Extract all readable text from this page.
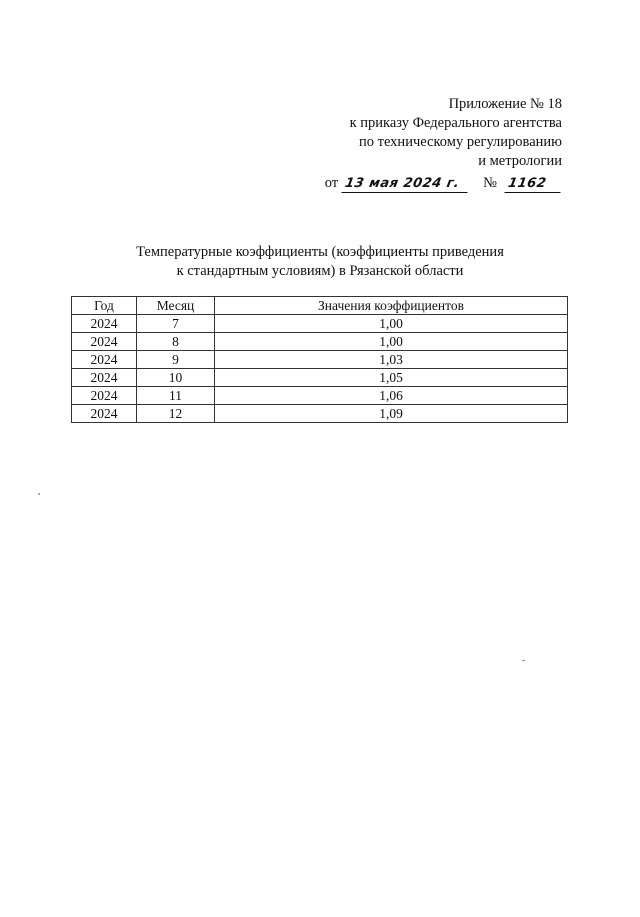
Приложение № 18
к приказу Федерального агентства
по техническому регулированию
и метрологии
от 13 мая 2024 г.	№ 1162
Температурные коэффициенты (коэффициенты приведения
к стандартным условиям) в Рязанской области
Год	Месяц	Значения коэффициентов
2024	7	1,00
2024	8	1,00
2024	9	1,03
2024	10	1,05
2024	11	1,06
2024	12	1,09
